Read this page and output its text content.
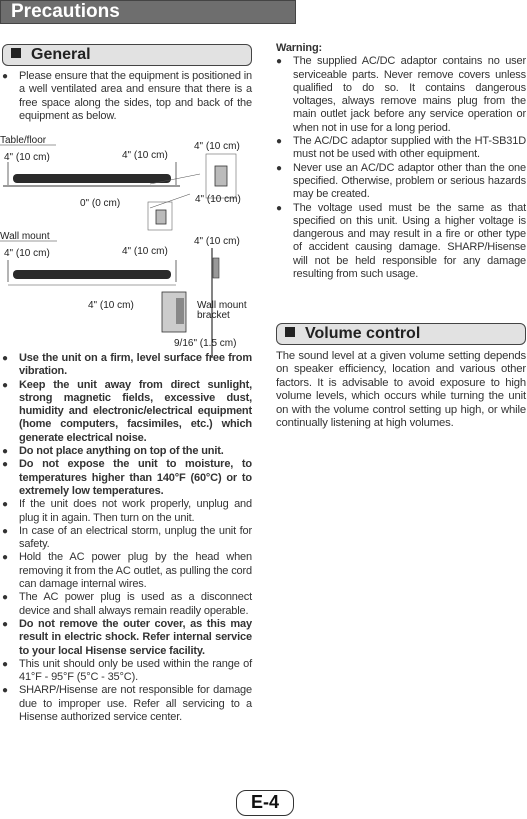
Precautions
General

● Please ensure that the equipment is positioned in a well ventilated area and ensure that there is a free space along the sides, top and back of the equipment as below.

Table/floor
4" (10 cm)	4" (10 cm)
4" (10 cm)
4" (10 cm)
0" (0 cm)
Wall mount
4" (10 cm)	4" (10 cm)
4" (10 cm)
4" (10 cm)	Wall mount
bracket
9/16" (1.5 cm)

● Use the unit on a firm, level surface free from vibration.

● Keep the unit away from direct sunlight, strong magnetic fields, excessive dust, humidity and electronic/electrical equipment (home computers, facsimiles, etc.) which generate electrical noise.

● Do not place anything on top of the unit.

● Do not expose the unit to moisture, to temperatures higher than 140°F (60°C) or to extremely low temperatures.

● If the unit does not work properly, unplug and plug it in again. Then turn on the unit.

● In case of an electrical storm, unplug the unit for safety.

● Hold the AC power plug by the head when removing it from the AC outlet, as pulling the cord can damage internal wires.

● The AC power plug is used as a disconnect device and shall always remain readily operable.

● Do not remove the outer cover, as this may result in electric shock. Refer internal service to your local Hisense service facility.

● This unit should only be used within the range of 41°F - 95°F (5°C - 35°C).

● SHARP/Hisense are not responsible for damage due to improper use. Refer all servicing to a Hisense authorized service center.

Warning:

● The supplied AC/DC adaptor contains no user serviceable parts. Never remove covers unless qualified to do so. It contains dangerous voltages, always remove mains plug from the main outlet jack before any service operation or when not in use for a long period.

● The AC/DC adaptor supplied with the HT-SB31D must not be used with other equipment.

● Never use an AC/DC adaptor other than the one specified. Otherwise, problem or serious hazards may be created.

● The voltage used must be the same as that specified on this unit. Using a higher voltage is dangerous and may result in a fire or other type of accident causing damage. SHARP/Hisense will not be held responsible for any damage resulting from such usage.

Volume control
The sound level at a given volume setting depends on speaker efficiency, location and various other factors. It is advisable to avoid exposure to high volume levels, which occurs while turning the unit on with the volume control setting up high, or while continually listening at high volumes.
E-4
